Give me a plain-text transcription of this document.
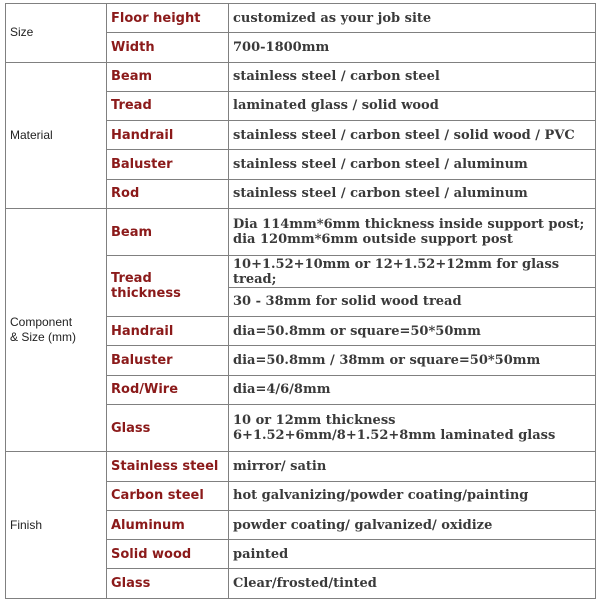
Size	Floor height	customized as your job site
	Width	700-1800mm
Material	Beam	stainless steel / carbon steel
	Tread	laminated glass / solid wood
	Handrail	stainless steel / carbon steel / solid wood / PVC
	Baluster	stainless steel / carbon steel / aluminum
	Rod	stainless steel / carbon steel / aluminum
Component
& Size (mm)	Beam	Dia 114mm*6mm thickness inside support post;
dia 120mm*6mm outside support post
	Tread thickness	10+1.52+10mm or 12+1.52+12mm for glass tread;
		30 - 38mm for solid wood tread
	Handrail	dia=50.8mm or square=50*50mm
	Baluster	dia=50.8mm / 38mm or square=50*50mm
	Rod/Wire	dia=4/6/8mm
	Glass	10 or 12mm thickness
6+1.52+6mm/8+1.52+8mm laminated glass
Finish	Stainless steel	mirror/ satin
	Carbon steel	hot galvanizing/powder coating/painting
	Aluminum	powder coating/ galvanized/ oxidize
	Solid wood	painted
	Glass	Clear/frosted/tinted
